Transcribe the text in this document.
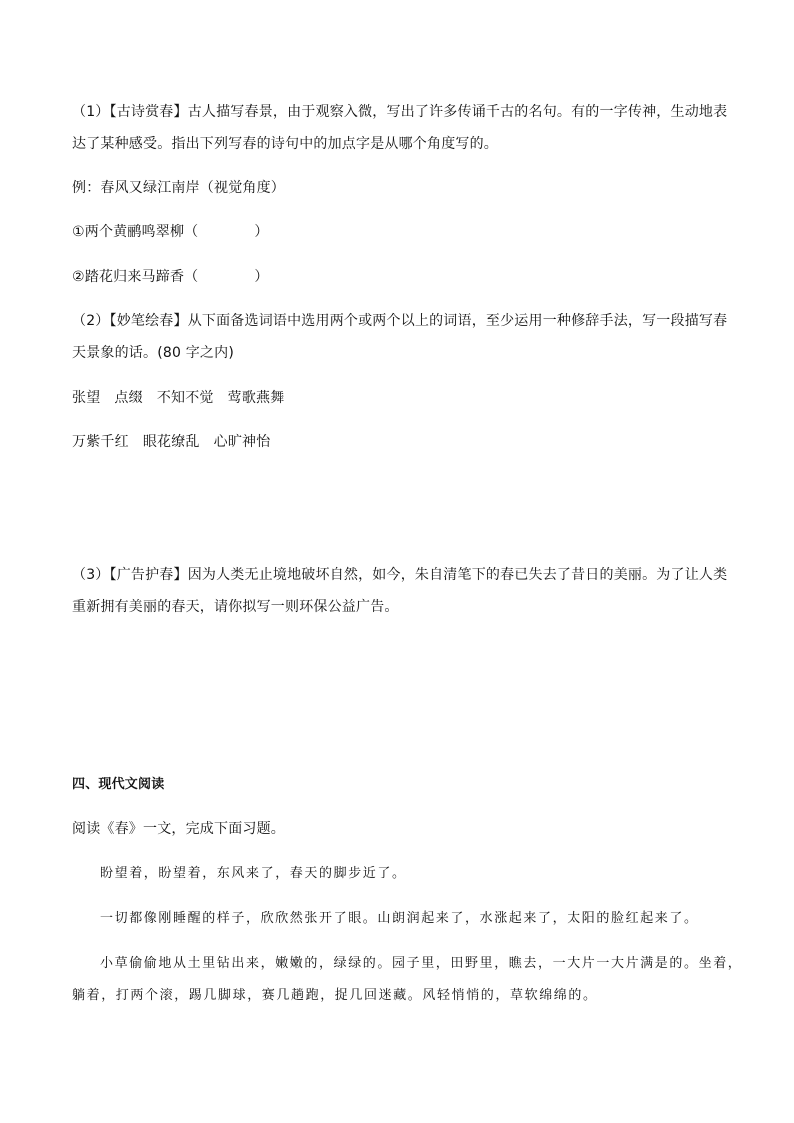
（1）【古诗赏春】古人描写春景，由于观察入微，写出了许多传诵千古的名句。有的一字传神，生动地表
达了某种感受。指出下列写春的诗句中的加点字是从哪个角度写的。
例：春风又绿江南岸（视觉角度）
①两个黄鹂鸣翠柳（	）
②踏花归来马蹄香（	）
（2）【妙笔绘春】从下面备选词语中选用两个或两个以上的词语，至少运用一种修辞手法，写一段描写春
天景象的话。(80 字之内)
张望 点缀 不知不觉 莺歌燕舞
万紫千红 眼花缭乱 心旷神怡
（3）【广告护春】因为人类无止境地破坏自然，如今，朱自清笔下的春已失去了昔日的美丽。为了让人类
重新拥有美丽的春天，请你拟写一则环保公益广告。
四、现代文阅读
阅读《春》一文，完成下面习题。
盼望着，盼望着，东风来了，春天的脚步近了。
一切都像刚睡醒的样子，欣欣然张开了眼。山朗润起来了，水涨起来了，太阳的脸红起来了。
小草偷偷地从土里钻出来，嫩嫩的，绿绿的。园子里，田野里，瞧去，一大片一大片满是的。坐着，
躺着，打两个滚，踢几脚球，赛几趟跑，捉几回迷藏。风轻悄悄的，草软绵绵的。
